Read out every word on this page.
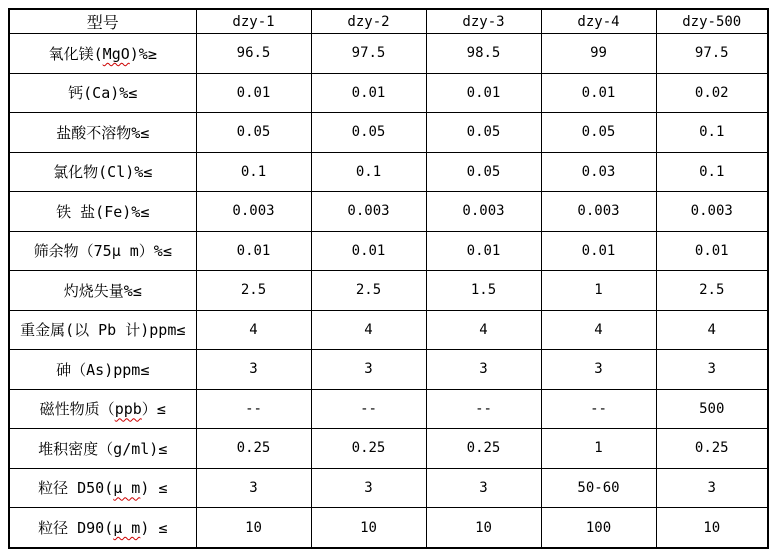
型号	dzy-1	dzy-2	dzy-3	dzy-4	dzy-500
氧化镁(MgO)%≥	96.5	97.5	98.5	99	97.5
钙(Ca)%≤	0.01	0.01	0.01	0.01	0.02
盐酸不溶物%≤	0.05	0.05	0.05	0.05	0.1
氯化物(Cl)%≤	0.1	0.1	0.05	0.03	0.1
铁 盐(Fe)%≤	0.003	0.003	0.003	0.003	0.003
筛余物（75μ m）%≤	0.01	0.01	0.01	0.01	0.01
灼烧失量%≤	2.5	2.5	1.5	1	2.5
重金属(以 Pb 计)ppm≤	4	4	4	4	4
砷（As)ppm≤	3	3	3	3	3
磁性物质（ppb）≤	--	--	--	--	500
堆积密度（g/ml)≤	0.25	0.25	0.25	1	0.25
粒径 D50(μ m) ≤	3	3	3	50-60	3
粒径 D90(μ m) ≤	10	10	10	100	10
